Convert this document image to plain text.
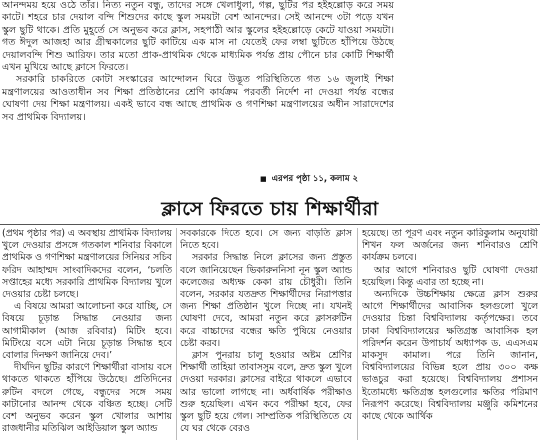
আনন্দময় হয়ে ওঠে তাঁর। নিত্য নতুন বন্ধু, তাদের সঙ্গে খেলাধুলা, গল্প, ছুটির পর হইহল্লোড় করে সময় কাটে। শহরে চার দেয়াল বন্দি শিশুদের কাছে স্কুল সময়টা বেশ আনন্দের। সেই আনন্দে ৩টা পড়ে যখন স্কুল ছুটি থাকে। প্রতি মুহূর্তে সে অনুভব করে ক্লাস, সহপাঠী আর স্কুলের হইহল্লোড়ে কেটে যাওয়া সময়টা। গত ঈদুল আজহা আর গ্রীষ্মকালের ছুটি কাটিয়ে এক মাস না যেতেই ফের লম্বা ছুটিতে হাঁপিয়ে উঠছে দেয়ালবন্দি শিশু আরিফ। তার মতো প্রাক-প্রাথমিক থেকে মাধ্যমিক পর্যন্ত প্রায় পৌনে চার কোটি শিক্ষার্থী এখন মুখিয়ে আছে ক্লাসে ফিরতে।

সরকারি চাকরিতে কোটা সংস্কারের আন্দোলন ঘিরে উদ্ভূত পরিস্থিতিতে গত ১৬ জুলাই শিক্ষা মন্ত্রণালয়ের আওতাধীন সব শিক্ষা প্রতিষ্ঠানের শ্রেণি কার্যক্রম পরবর্তী নির্দেশ না দেওয়া পর্যন্ত বন্ধের ঘোষণা দেয় শিক্ষা মন্ত্রণালয়। একই ভাবে বন্ধ আছে প্রাথমিক ও গণশিক্ষা মন্ত্রণালয়ের অধীন সারাদেশের সব প্রাথমিক বিদ্যালয়।

■ এরপর পৃষ্ঠা ১১, কলাম ২
ক্লাসে ফিরতে চায় শিক্ষার্থীরা

(প্রথম পৃষ্ঠার পর) এ অবস্থায় প্রাথমিক বিদ্যালয় খুলে দেওয়ার প্রসঙ্গে গতকাল শনিবার বিকালে প্রাথমিক ও গণশিক্ষা মন্ত্রণালয়ের সিনিয়র সচিব ফরিদ আহাম্মদ সাংবাদিকদের বলেন, ‘চলতি সপ্তাহের মধ্যে সরকারি প্রাথমিক বিদ্যালয় খুলে দেওয়ার চেষ্টা চলছে।

এ বিষয়ে আমরা আলোচনা করে যাচ্ছি, সে বিষয়ে চূড়ান্ত সিদ্ধান্ত নেওয়ার জন্য আগামীকাল (আজ রবিবার) মিটিং হবে। মিটিংয়ে বসে এটা নিয়ে চূড়ান্ত সিদ্ধান্ত হবে বোলার দিনক্ষণ জানিয়ে দেব।’

দীর্ঘদিন ছুটির কারণে শিক্ষার্থীরা বাসায় বসে থাকতে থাকতে হাঁপিয়ে উঠেছে। প্রতিদিনের রুটিন বদলে গেছে, বন্ধুদের সঙ্গে সময় কাটানোর আনন্দ থেকে বঞ্চিত হচ্ছে। সেটি বেশ অনুভব করেন স্কুল খোলার আশায় রাজধানীর মতিঝিল আইডিয়াল স্কুল অ্যান্ড

সবকারকে দিতে হবে। সে জন্য বাড়তি ক্লাস নিতে হবে।

সরকার সিদ্ধান্ত নিলে ক্লাসের জন্য প্রস্তুত বলে জানিয়েছেন ভিকারুননিসা নূন স্কুল অ্যান্ড কলেজের অধ্যক্ষ কেকা রায় চৌধুরী। তিনি বলেন, সরকার যতদ্রুত শিক্ষার্থীদের নিরাপত্তার জন্য শিক্ষা প্রতিষ্ঠান খুলে দিচ্ছে না। যখনই ঘোষণা দেবে, আমরা নতুন করে ক্লাসরুটিন করে বাচ্চাদের বন্ধের ক্ষতি পুষিয়ে নেওয়ার চেষ্টা করব।

ক্লাস পুনরায় চালু হওয়ার অষ্টম শ্রেণির শিক্ষার্থী তাহিয়া তাবাসসুম বলে, দ্রুত স্কুল খুলে দেওয়া দরকার। ক্লাসের বাইরে থাকলে এভাবে আর ভালো লাগছে না। অর্ধবার্ষিক পরীক্ষাও শুরু হয়েছিল। এখন কবে পরীক্ষা হবে, ফের স্কুল ছুটি হয়ে গেল। সাম্প্রতিক পরিস্থিতিতে যে যে ঘর থেকে বেরও

হয়েছে। তা পূরণ এবং নতুন কারিকুলাম অনুযায়ী শিখন ফল অর্জনের জন্য শনিবারও শ্রেণি কার্যক্রম চলবে।

আর আগে শনিবারও ছুটি ঘোষণা দেওয়া হয়েছিল। কিন্তু এবার তা হচ্ছে না।

অন্যদিকে উচ্চশিক্ষায় ক্ষেত্রে ক্লাস শুরুর আগে শিক্ষার্থীদের আবাসিক হলগুলো খুলে দেওয়ার চিন্তা বিশ্ববিদ্যালয় কর্তৃপক্ষের। তবে ঢাকা বিশ্ববিদ্যালয়ের ক্ষতিগ্রস্ত আবাসিক হল পরিদর্শন করেন উপাচার্য অধ্যাপক ড. এএসএম মাকসুদ কামাল। পরে তিনি জানান, বিশ্ববিদ্যালয়ের বিভিন্ন হলে প্রায় ৩০০ কক্ষ ভাঙচুর করা হয়েছে। বিশ্ববিদ্যালয় প্রশাসন ইতোমধ্যে ক্ষতিগ্রস্ত হলগুলোর ক্ষতির পরিমাণ নিরূপণ করেছে। বিশ্ববিদ্যালয় মঞ্জুরি কমিশনের কাছে থেকে আর্থিক
